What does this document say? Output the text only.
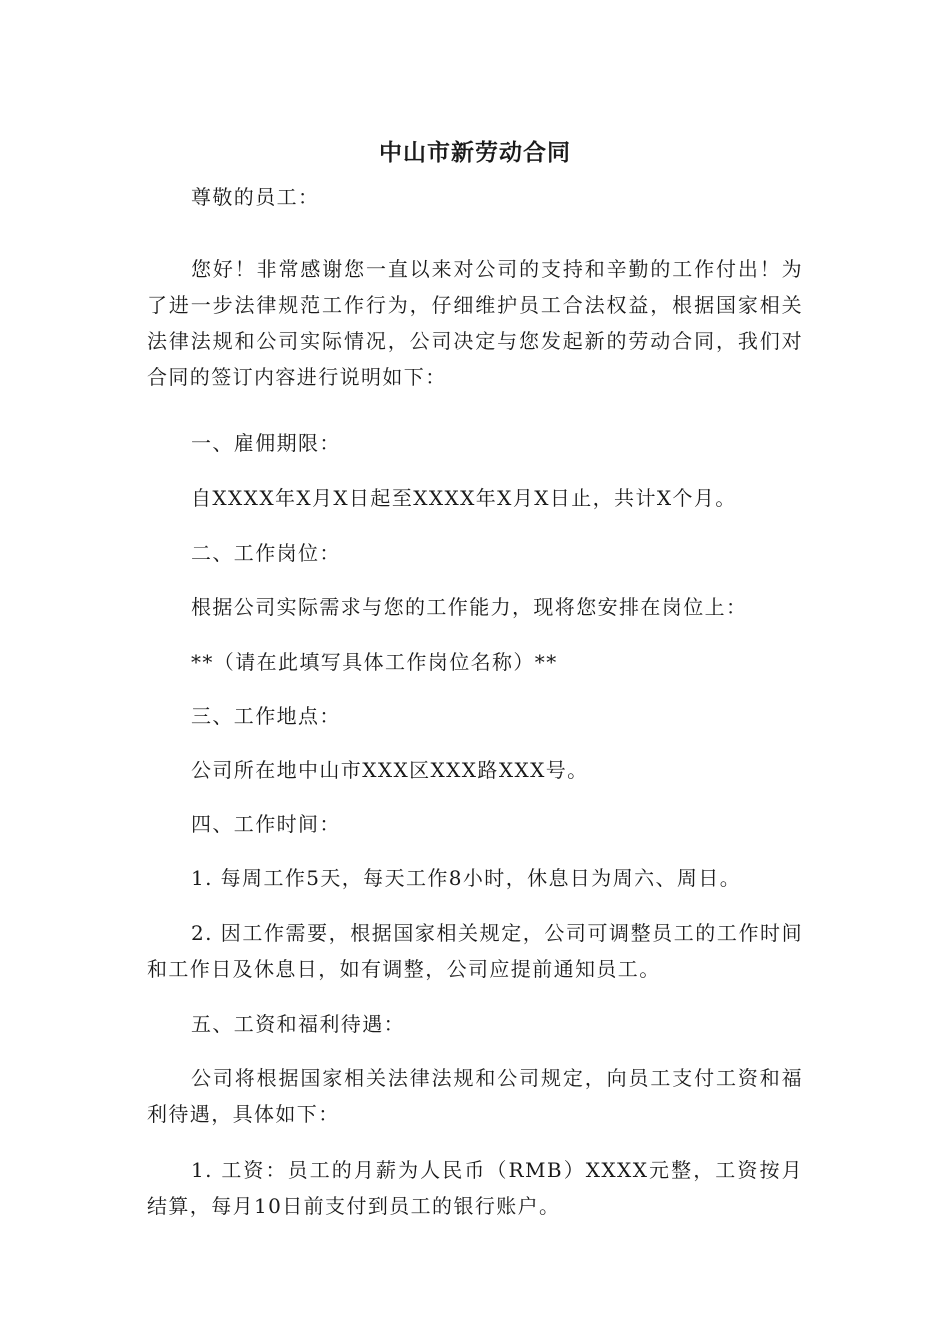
中山市新劳动合同

尊敬的员工：

您好！非常感谢您一直以来对公司的支持和辛勤的工作付出！为了进一步法律规范工作行为，仔细维护员工合法权益，根据国家相关法律法规和公司实际情况，公司决定与您发起新的劳动合同，我们对合同的签订内容进行说明如下：

一、雇佣期限：

自XXXX年X月X日起至XXXX年X月X日止，共计X个月。

二、工作岗位：

根据公司实际需求与您的工作能力，现将您安排在岗位上：

**（请在此填写具体工作岗位名称）**

三、工作地点：

公司所在地中山市XXX区XXX路XXX号。

四、工作时间：

1. 每周工作5天，每天工作8小时，休息日为周六、周日。

2. 因工作需要，根据国家相关规定，公司可调整员工的工作时间和工作日及休息日，如有调整，公司应提前通知员工。

五、工资和福利待遇：

公司将根据国家相关法律法规和公司规定，向员工支付工资和福利待遇，具体如下：

1. 工资：员工的月薪为人民币（RMB）XXXX元整，工资按月结算，每月10日前支付到员工的银行账户。
